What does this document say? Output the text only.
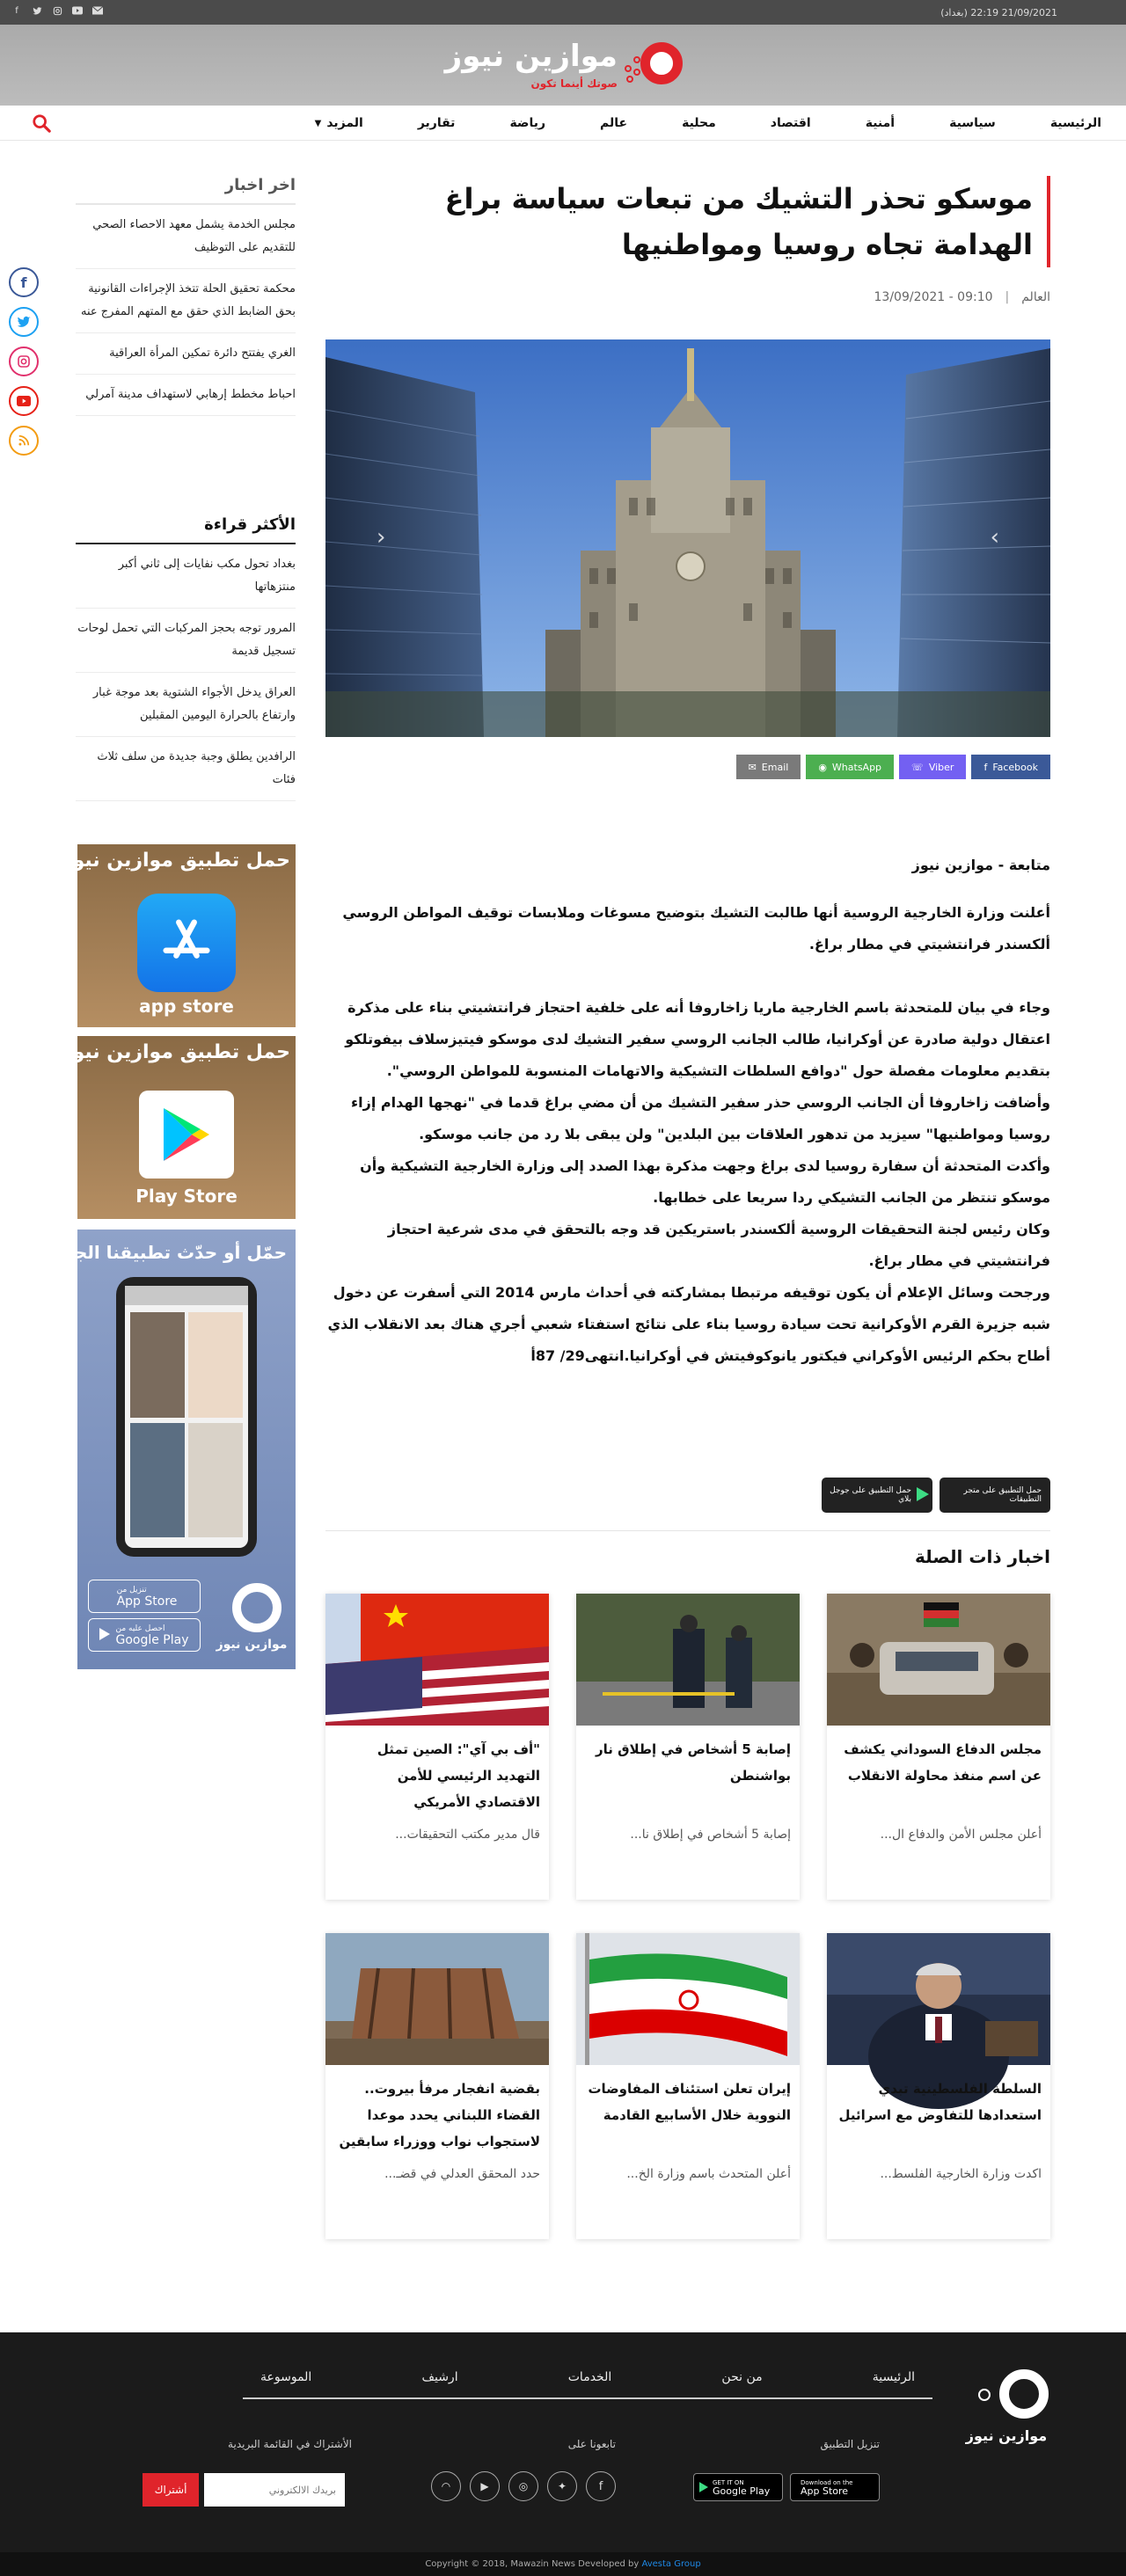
21/09/2021 22:19 (بغداد)
f
موازين نيوز
صوتك أينما تكون
الرئيسية
سياسية
أمنية
اقتصاد
محلية
عالم
رياضة
تقارير
المزيد
▼
f
موسكو تحذر التشيك من تبعات سياسة براغ الهدامة تجاه روسيا ومواطنيها
العالم
|
09:10 - 13/09/2021
‹	›
✉ Email	◉ WhatsApp	☏ Viber	f Facebook

متابعة - موازين نيوز

أعلنت وزارة الخارجية الروسية أنها طالبت التشيك بتوضيح مسوغات وملابسات توقيف المواطن الروسي ألكسندر فرانتشيتي في مطار براغ.

وجاء في بيان للمتحدثة باسم الخارجية ماريا زاخاروفا أنه على خلفية احتجاز فرانتشيتي بناء على مذكرة اعتقال دولية صادرة عن أوكرانيا، طالب الجانب الروسي سفير التشيك لدى موسكو فيتيزسلاف بيفوتلكو بتقديم معلومات مفصلة حول "دوافع السلطات التشيكية والاتهامات المنسوبة للمواطن الروسي".

وأضافت زاخاروفا أن الجانب الروسي حذر سفير التشيك من أن مضي براغ قدما في "نهجها الهدام إزاء روسيا ومواطنيها" سيزيد من تدهور العلاقات بين البلدين" ولن يبقى بلا رد من جانب موسكو.

وأكدت المتحدثة أن سفارة روسيا لدى براغ وجهت مذكرة بهذا الصدد إلى وزارة الخارجية التشيكية وأن موسكو تنتظر من الجانب التشيكي ردا سريعا على خطابها.

وكان رئيس لجنة التحقيقات الروسية ألكسندر باستريكين قد وجه بالتحقق في مدى شرعية احتجاز فرانتشيتي في مطار براغ.

ورجحت وسائل الإعلام أن يكون توقيفه مرتبطا بمشاركته في أحداث مارس 2014 التي أسفرت عن دخول شبه جزيرة القرم الأوكرانية تحت سيادة روسيا بناء على نتائج استفتاء شعبي أجري هناك بعد الانقلاب الذي أطاح بحكم الرئيس الأوكراني فيكتور يانوكوفيتش في أوكرانيا.انتهى29/ 87أ

حمل التطبيق على متجر التطبيقات
حمل التطبيق على جوجل بلاي
اخبار ذات الصلة
مجلس الدفاع السوداني يكشف عن اسم منفذ محاولة الانقلاب
أعلن مجلس الأمن والدفاع ال...
إصابة 5 أشخاص في إطلاق نار بواشنطن
إصابة 5 أشخاص في إطلاق نا...
"أف بي آي": الصين تمثل التهديد الرئيسي للأمن الاقتصادي الأمريكي
قال مدير مكتب التحقيقات...
السلطة الفلسطينية تبدي استعدادها للتفاوض مع اسرائيل
اكدت وزارة الخارجية الفلسط...
إيران تعلن استئناف المفاوضات النووية خلال الأسابيع القادمة
أعلن المتحدث باسم وزارة الخ...
بقضية انفجار مرفأ بيروت.. القضاء اللبناني يحدد موعدا لاستجواب نواب ووزراء سابقين
حدد المحقق العدلي في قضـ...
اخر اخبار
مجلس الخدمة يشمل معهد الاحصاء الصحي للتقديم على التوظيف
محكمة تحقيق الحلة تتخذ الإجراءات القانونية بحق الضابط الذي حقق مع المتهم المفرج عنه
الغري يفتتح دائرة تمكين المرأة العراقية
احباط مخطط إرهابي لاستهداف مدينة آمرلي
الأكثر قراءة
بغداد تحول مكب نفايات إلى ثاني أكبر منتزهاتها
المرور توجه بحجز المركبات التي تحمل لوحات تسجيل قديمة
العراق يدخل الأجواء الشتوية بعد موجة غبار وارتفاع بالحرارة اليومين المقبلين
الرافدين يطلق وجبة جديدة من سلف ثلاث فئات
حمل تطبيق موازين نيوز
app store
حمل تطبيق موازين نيوز
Play Store
حمّل أو حدّث تطبيقنا الجديد
تنزيل من
App Store
احصل عليه من
Google Play	موازين نيوز
الرئيسية
من نحن
الخدمات
ارشيف
الموسوعة
موازين نيوز
تنزيل التطبيق
GET IT ON
Google Play
Download on the
App Store
تابعونا على
◠	▶	◎	✦	f
الأشتراك في القائمة البريدية
بريدك الالكتروني
أشتراك
Copyright © 2018, Mawazin News Developed by Avesta Group
